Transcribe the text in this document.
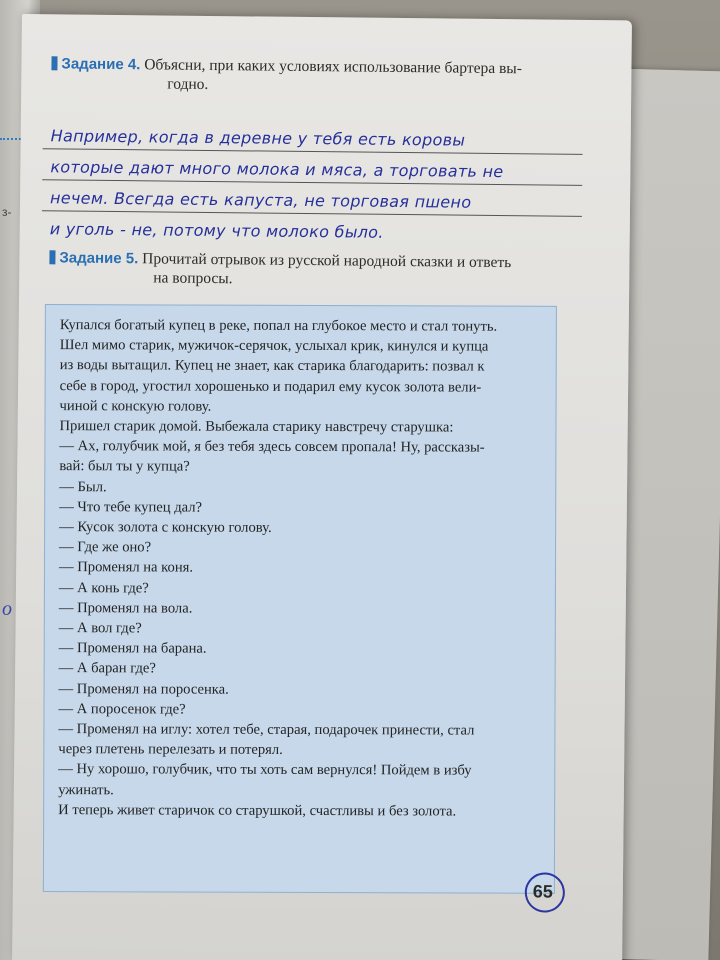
з-
о
Задание 4. Объясни, при каких условиях использование бартера вы-
годно.
Например, когда в деревне у тебя есть коровы
которые дают много молока и мяса, а торговать не
нечем. Всегда есть капуста, не торговая пшено
и уголь - не, потому что молоко было.
Задание 5. Прочитай отрывок из русской народной сказки и ответь
на вопросы.

Купался богатый купец в реке, попал на глубокое место и стал тонуть.

Шел мимо старик, мужичок-серячок, услыхал крик, кинулся и купца

из воды вытащил. Купец не знает, как старика благодарить: позвал к

себе в город, угостил хорошенько и подарил ему кусок золота вели-

чиной с конскую голову.

Пришел старик домой. Выбежала старику навстречу старушка:

— Ах, голубчик мой, я без тебя здесь совсем пропала! Ну, рассказы-

вай: был ты у купца?

— Был.

— Что тебе купец дал?

— Кусок золота с конскую голову.

— Где же оно?

— Променял на коня.

— А конь где?

— Променял на вола.

— А вол где?

— Променял на барана.

— А баран где?

— Променял на поросенка.

— А поросенок где?

— Променял на иглу: хотел тебе, старая, подарочек принести, стал

через плетень перелезать и потерял.

— Ну хорошо, голубчик, что ты хоть сам вернулся! Пойдем в избу

ужинать.

И теперь живет старичок со старушкой, счастливы и без золота.

65
